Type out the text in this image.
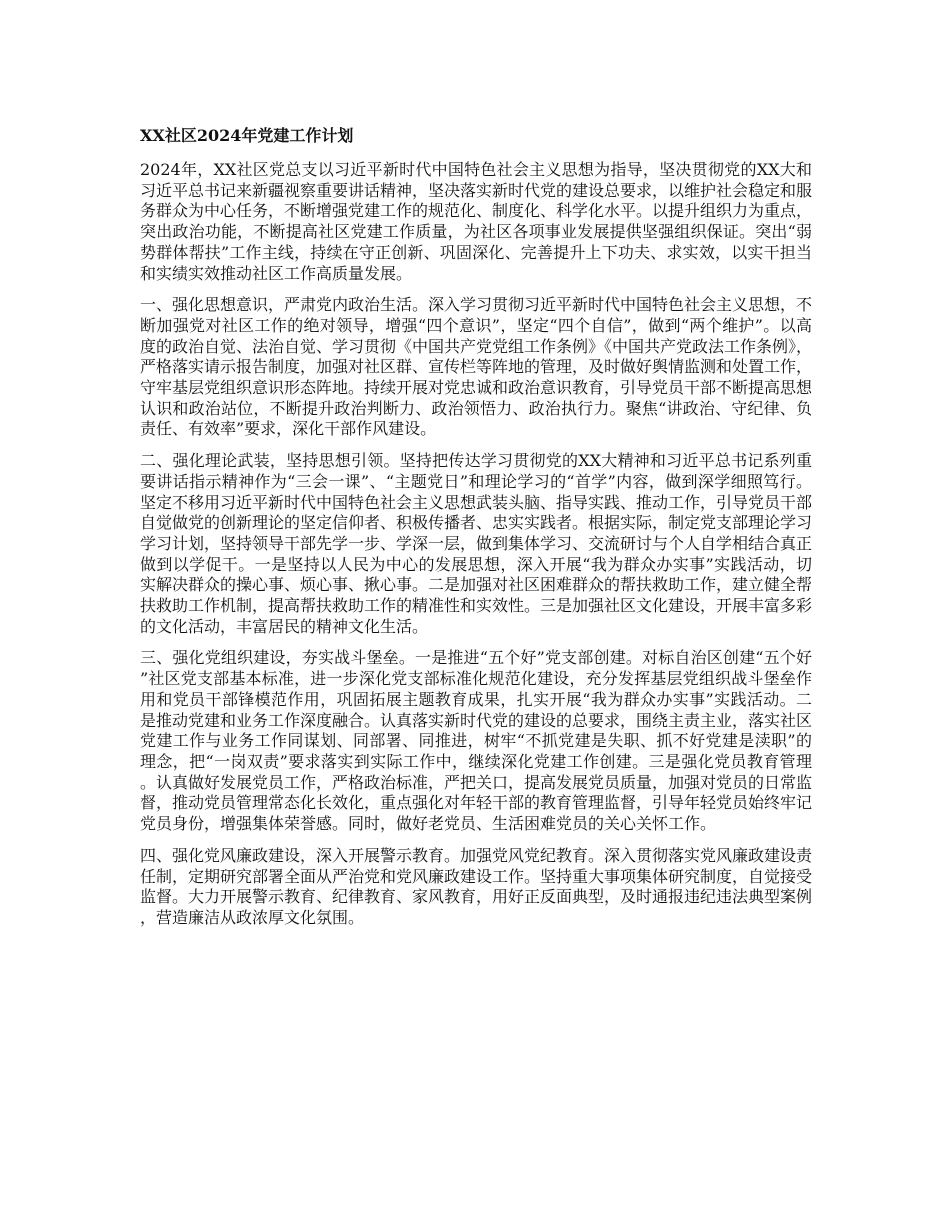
XX社区2024年党建工作计划

2024年，XX社区党总支以习近平新时代中国特色社会主义思想为指导，坚决贯彻党的XX大和习近平总书记来新疆视察重要讲话精神，坚决落实新时代党的建设总要求，以维护社会稳定和服务群众为中心任务，不断增强党建工作的规范化、制度化、科学化水平。以提升组织力为重点，突出政治功能，不断提高社区党建工作质量，为社区各项事业发展提供坚强组织保证。突出“弱势群体帮扶”工作主线，持续在守正创新、巩固深化、完善提升上下功夫、求实效，以实干担当和实绩实效推动社区工作高质量发展。

一、强化思想意识，严肃党内政治生活。深入学习贯彻习近平新时代中国特色社会主义思想，不断加强党对社区工作的绝对领导，增强“四个意识”，坚定“四个自信”，做到“两个维护”。以高度的政治自觉、法治自觉、学习贯彻《中国共产党党组工作条例》《中国共产党政法工作条例》，严格落实请示报告制度，加强对社区群、宣传栏等阵地的管理，及时做好舆情监测和处置工作，守牢基层党组织意识形态阵地。持续开展对党忠诚和政治意识教育，引导党员干部不断提高思想认识和政治站位，不断提升政治判断力、政治领悟力、政治执行力。聚焦“讲政治、守纪律、负责任、有效率”要求，深化干部作风建设。

二、强化理论武装，坚持思想引领。坚持把传达学习贯彻党的XX大精神和习近平总书记系列重要讲话指示精神作为“三会一课”、“主题党日”和理论学习的“首学”内容，做到深学细照笃行。坚定不移用习近平新时代中国特色社会主义思想武装头脑、指导实践、推动工作，引导党员干部自觉做党的创新理论的坚定信仰者、积极传播者、忠实实践者。根据实际，制定党支部理论学习学习计划，坚持领导干部先学一步、学深一层，做到集体学习、交流研讨与个人自学相结合真正做到以学促干。一是坚持以人民为中心的发展思想，深入开展“我为群众办实事”实践活动，切实解决群众的操心事、烦心事、揪心事。二是加强对社区困难群众的帮扶救助工作，建立健全帮扶救助工作机制，提高帮扶救助工作的精准性和实效性。三是加强社区文化建设，开展丰富多彩的文化活动，丰富居民的精神文化生活。

三、强化党组织建设，夯实战斗堡垒。一是推进“五个好”党支部创建。对标自治区创建“五个好”社区党支部基本标准，进一步深化党支部标准化规范化建设，充分发挥基层党组织战斗堡垒作用和党员干部锋模范作用，巩固拓展主题教育成果，扎实开展“我为群众办实事”实践活动。二是推动党建和业务工作深度融合。认真落实新时代党的建设的总要求，围绕主责主业，落实社区党建工作与业务工作同谋划、同部署、同推进，树牢“不抓党建是失职、抓不好党建是渎职”的理念，把“一岗双责”要求落实到实际工作中，继续深化党建工作创建。三是强化党员教育管理。认真做好发展党员工作，严格政治标准，严把关口，提高发展党员质量，加强对党员的日常监督，推动党员管理常态化长效化，重点强化对年轻干部的教育管理监督，引导年轻党员始终牢记党员身份，增强集体荣誉感。同时，做好老党员、生活困难党员的关心关怀工作。

四、强化党风廉政建设，深入开展警示教育。加强党风党纪教育。深入贯彻落实党风廉政建设责任制，定期研究部署全面从严治党和党风廉政建设工作。坚持重大事项集体研究制度，自觉接受监督。大力开展警示教育、纪律教育、家风教育，用好正反面典型，及时通报违纪违法典型案例，营造廉洁从政浓厚文化氛围。
